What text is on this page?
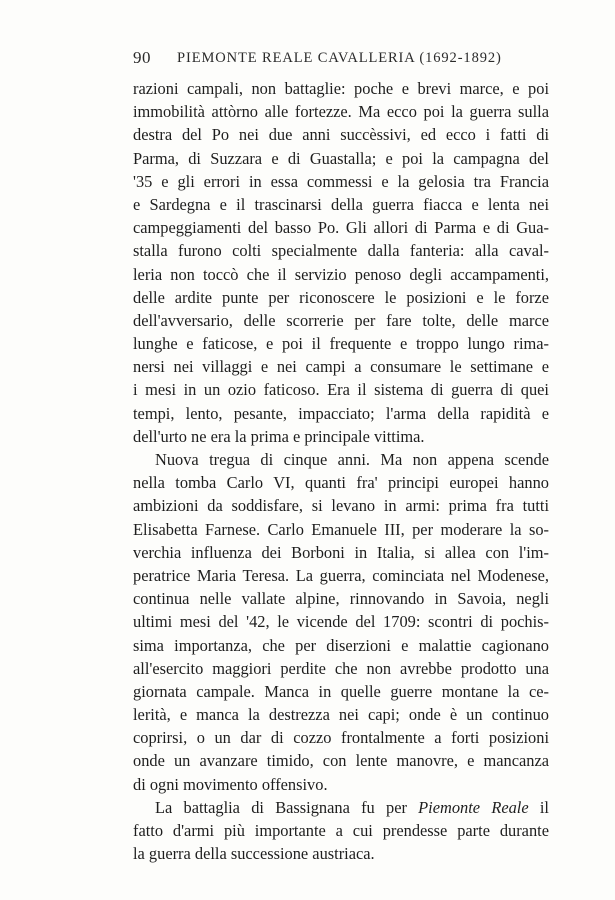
90 PIEMONTE REALE CAVALLERIA (1692-1892)

razioni campali, non battaglie: poche e brevi marce, e poi
immobilità attòrno alle fortezze. Ma ecco poi la guerra sulla
destra del Po nei due anni succèssivi, ed ecco i fatti di
Parma, di Suzzara e di Guastalla; e poi la campagna del
'35 e gli errori in essa commessi e la gelosia tra Francia
e Sardegna e il trascinarsi della guerra fiacca e lenta nei
campeggiamenti del basso Po. Gli allori di Parma e di Gua-
stalla furono colti specialmente dalla fanteria: alla caval-
leria non toccò che il servizio penoso degli accampamenti,
delle ardite punte per riconoscere le posizioni e le forze
dell'avversario, delle scorrerie per fare tolte, delle marce
lunghe e faticose, e poi il frequente e troppo lungo rima-
nersi nei villaggi e nei campi a consumare le settimane e
i mesi in un ozio faticoso. Era il sistema di guerra di quei
tempi, lento, pesante, impacciato; l'arma della rapidità e
dell'urto ne era la prima e principale vittima.

Nuova tregua di cinque anni. Ma non appena scende
nella tomba Carlo VI, quanti fra' principi europei hanno
ambizioni da soddisfare, si levano in armi: prima fra tutti
Elisabetta Farnese. Carlo Emanuele III, per moderare la so-
verchia influenza dei Borboni in Italia, si allea con l'im-
peratrice Maria Teresa. La guerra, cominciata nel Modenese,
continua nelle vallate alpine, rinnovando in Savoia, negli
ultimi mesi del '42, le vicende del 1709: scontri di pochis-
sima importanza, che per diserzioni e malattie cagionano
all'esercito maggiori perdite che non avrebbe prodotto una
giornata campale. Manca in quelle guerre montane la ce-
lerità, e manca la destrezza nei capi; onde è un continuo
coprirsi, o un dar di cozzo frontalmente a forti posizioni
onde un avanzare timido, con lente manovre, e mancanza
di ogni movimento offensivo.

La battaglia di Bassignana fu per Piemonte Reale il
fatto d'armi più importante a cui prendesse parte durante
la guerra della successione austriaca.
